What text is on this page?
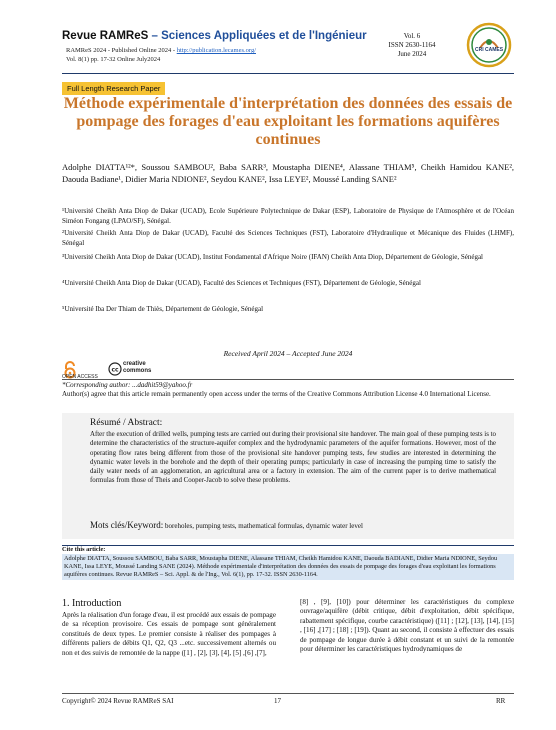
Revue RAMReS – Sciences Appliquées et de l'Ingénieur
RAMReS 2024 - Published Online 2024 - http://publication.lecames.org/
Vol. 8(1) pp. 17-32 Online July2024
Vol. 6
ISSN 2630-1164
June 2024	CRI CAMES
Full Length Research Paper
Méthode expérimentale d'interprétation des données des essais de pompage des forages d'eau exploitant les formations aquifères continues
Adolphe DIATTA¹²*, Soussou SAMBOU², Baba SARR³, Moustapha DIENE⁴, Alassane THIAM⁵, Cheikh Hamidou KANE², Daouda Badiane¹, Didier Maria NDIONE², Seydou KANE², Issa LEYE², Moussé Landing SANE²

¹Université Cheikh Anta Diop de Dakar (UCAD), Ecole Supérieure Polytechnique de Dakar (ESP), Laboratoire de Physique de l'Atmosphère et de l'Océan Siméon Fongang (LPAO/SF), Sénégal.

²Université Cheikh Anta Diop de Dakar (UCAD), Faculté des Sciences Techniques (FST), Laboratoire d'Hydraulique et Mécanique des Fluides (LHMF), Sénégal

³Université Cheikh Anta Diop de Dakar (UCAD), Institut Fondamental d'Afrique Noire (IFAN) Cheikh Anta Diop, Département de Géologie, Sénégal

⁴Université Cheikh Anta Diop de Dakar (UCAD), Faculté des Sciences et Techniques (FST), Département de Géologie, Sénégal

⁵Université Iba Der Thiam de Thiès, Département de Géologie, Sénégal

Received April 2024 – Accepted June 2024
OPEN ACCESS
cc
creative commons
*Corresponding author: ...dadhit59@yahoo.fr
Author(s) agree that this article remain permanently open access under the terms of the Creative Commons Attribution License 4.0 International License.
Résumé / Abstract:
After the execution of drilled wells, pumping tests are carried out during their provisional site handover. The main goal of these pumping tests is to determine the characteristics of the structure-aquifer complex and the hydrodynamic parameters of the aquifer formations. However, most of the operating flow rates being different from those of the provisional site handover pumping tests, few studies are interested in determining the dynamic water levels in the borehole and the depth of their operating pumps; particularly in case of increasing the pumping time to satisfy the daily water needs of an agglomeration, an agricultural area or a factory in extension. The aim of the current paper is to derive mathematical formulas from those of Theis and Cooper-Jacob to solve these problems.
Mots clés/Keyword: boreholes, pumping tests, mathematical formulas, dynamic water level
Cite this article:
Adolphe DIATTA, Soussou SAMBOU, Baba SARR, Moustapha DIENE, Alassane THIAM, Cheikh Hamidou KANE, Daouda BADIANE, Didier Maria NDIONE, Seydou KANE, Issa LEYE, Moussé Landing SANE (2024). Méthode expérimentale d'interprétation des données des essais de pompage des forages d'eau exploitant les formations aquifères continues. Revue RAMReS – Sci. Appl. & de l'Ing., Vol. 6(1), pp. 17-32. ISSN 2630-1164.
1. Introduction
Après la réalisation d'un forage d'eau, il est procédé aux essais de pompage de sa réception provisoire. Ces essais de pompage sont généralement constitués de deux types. Le premier consiste à réaliser des pompages à différents paliers de débits Q1, Q2, Q3 ...etc. successivement alternés ou non et des suivis de remontée de la nappe ([1] , [2], [3], [4], [5] ,[6] ,[7],
[8] , [9], [10]) pour déterminer les caractéristiques du complexe ouvrage/aquifère (débit critique, débit d'exploitation, débit spécifique, rabattement spécifique, courbe caractéristique) ([11] ; [12], [13], [14], [15] , [16] ,[17] ; [18] ; [19]). Quant au second, il consiste à effectuer des essais de pompage de longue durée à débit constant et un suivi de la remontée pour déterminer les caractéristiques hydrodynamiques de
Copyright© 2024 Revue RAMReS SAI	17	RR
